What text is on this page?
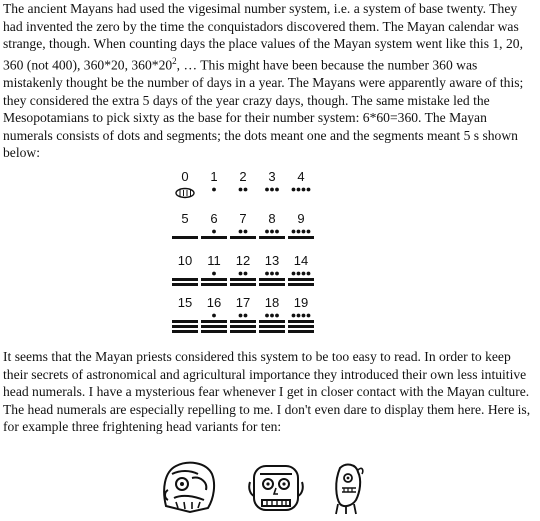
The ancient Mayans had used the vigesimal number system, i.e. a system of base twenty. They had invented the zero by the time the conquistadors discovered them. The Mayan calendar was strange, though. When counting days the place values of the Mayan system went like this 1, 20, 360 (not 400), 360*20, $360*20^2$, … This might have been because the number 360 was mistakenly thought be the number of days in a year. The Mayans were apparently aware of this; they considered the extra 5 days of the year crazy days, though. The same mistake led the Mesopotamians to pick sixty as the base for their number system: 6*60=360. The Mayan numerals consists of dots and segments; the dots meant one and the segments meant 5 s shown below:

0	1	2	3	4
5	6	7	8	9
10	11	12	13	14
15	16	17	18	19

It seems that the Mayan priests considered this system to be too easy to read. In order to keep their secrets of astronomical and agricultural importance they introduced their own less intuitive head numerals. I have a mysterious fear whenever I get in closer contact with the Mayan culture. The head numerals are especially repelling to me. I don't even dare to display them here. Here is, for example three frightening head variants for ten:
